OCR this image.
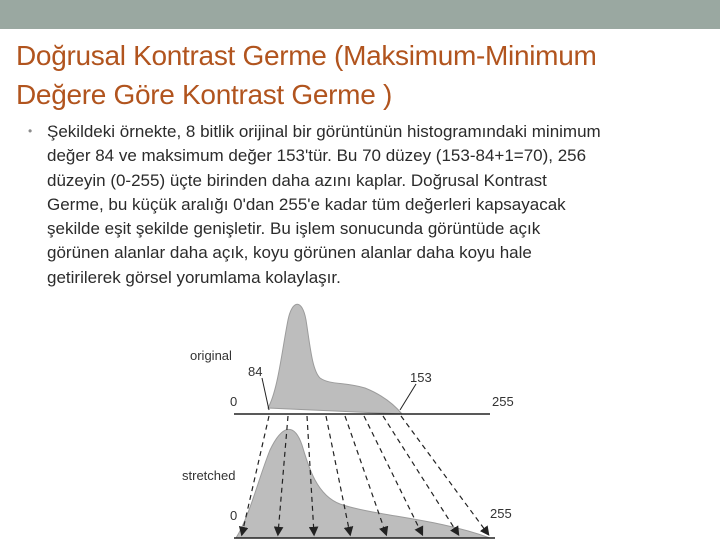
Doğrusal Kontrast Germe (Maksimum-Minimum
Değere Göre Kontrast Germe )
• Şekildeki örnekte, 8 bitlik orijinal bir görüntünün histogramındaki minimum
değer 84 ve maksimum değer 153'tür. Bu 70 düzey (153-84+1=70), 256
düzeyin (0-255) üçte birinden daha azını kaplar. Doğrusal Kontrast
Germe, bu küçük aralığı 0'dan 255'e kadar tüm değerleri kapsayacak
şekilde eşit şekilde genişletir. Bu işlem sonucunda görüntüde açık
görünen alanlar daha açık, koyu görünen alanlar daha koyu hale
getirilerek görsel yorumlama kolaylaşır.
original
84	153
0	255
stretched
0	255
